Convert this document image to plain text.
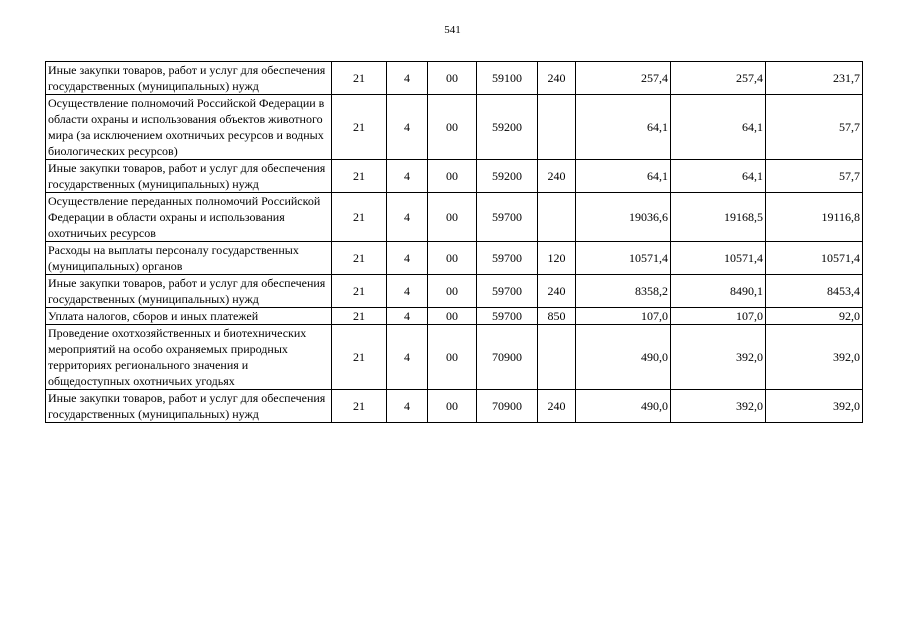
541
Иные закупки товаров, работ и услуг для обеспечения государственных (муниципальных) нужд	21	4	00	59100	240	257,4	257,4	231,7
Осуществление полномочий Российской Федерации в области охраны и использования объектов животного мира (за исключением охотничьих ресурсов и водных биологических ресурсов)	21	4	00	59200		64,1	64,1	57,7
Иные закупки товаров, работ и услуг для обеспечения государственных (муниципальных) нужд	21	4	00	59200	240	64,1	64,1	57,7
Осуществление переданных полномочий Российской Федерации в области охраны и использования охотничьих ресурсов	21	4	00	59700		19036,6	19168,5	19116,8
Расходы на выплаты персоналу государственных (муниципальных) органов	21	4	00	59700	120	10571,4	10571,4	10571,4
Иные закупки товаров, работ и услуг для обеспечения государственных (муниципальных) нужд	21	4	00	59700	240	8358,2	8490,1	8453,4
Уплата налогов, сборов и иных платежей	21	4	00	59700	850	107,0	107,0	92,0
Проведение охотхозяйственных и биотехнических мероприятий на особо охраняемых природных территориях регионального значения и общедоступных охотничьих угодьях	21	4	00	70900		490,0	392,0	392,0
Иные закупки товаров, работ и услуг для обеспечения государственных (муниципальных) нужд	21	4	00	70900	240	490,0	392,0	392,0
